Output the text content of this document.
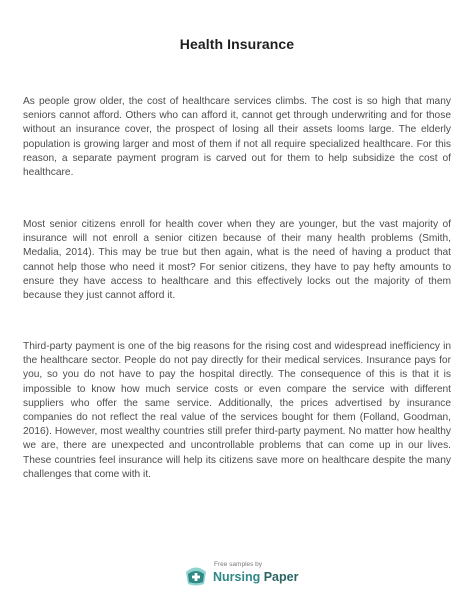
Health Insurance

As people grow older, the cost of healthcare services climbs. The cost is so high that many seniors cannot afford. Others who can afford it, cannot get through underwriting and for those without an insurance cover, the prospect of losing all their assets looms large. The elderly population is growing larger and most of them if not all require specialized healthcare. For this reason, a separate payment program is carved out for them to help subsidize the cost of healthcare.

Most senior citizens enroll for health cover when they are younger, but the vast majority of insurance will not enroll a senior citizen because of their many health problems (Smith, Medalia, 2014). This may be true but then again, what is the need of having a product that cannot help those who need it most? For senior citizens, they have to pay hefty amounts to ensure they have access to healthcare and this effectively locks out the majority of them because they just cannot afford it.

Third-party payment is one of the big reasons for the rising cost and widespread inefficiency in the healthcare sector. People do not pay directly for their medical services. Insurance pays for you, so you do not have to pay the hospital directly. The consequence of this is that it is impossible to know how much service costs or even compare the service with different suppliers who offer the same service. Additionally, the prices advertised by insurance companies do not reflect the real value of the services bought for them (Folland, Goodman, 2016). However, most wealthy countries still prefer third-party payment. No matter how healthy we are, there are unexpected and uncontrollable problems that can come up in our lives. These countries feel insurance will help its citizens save more on healthcare despite the many challenges that come with it.

Free samples by
Nursing Paper
